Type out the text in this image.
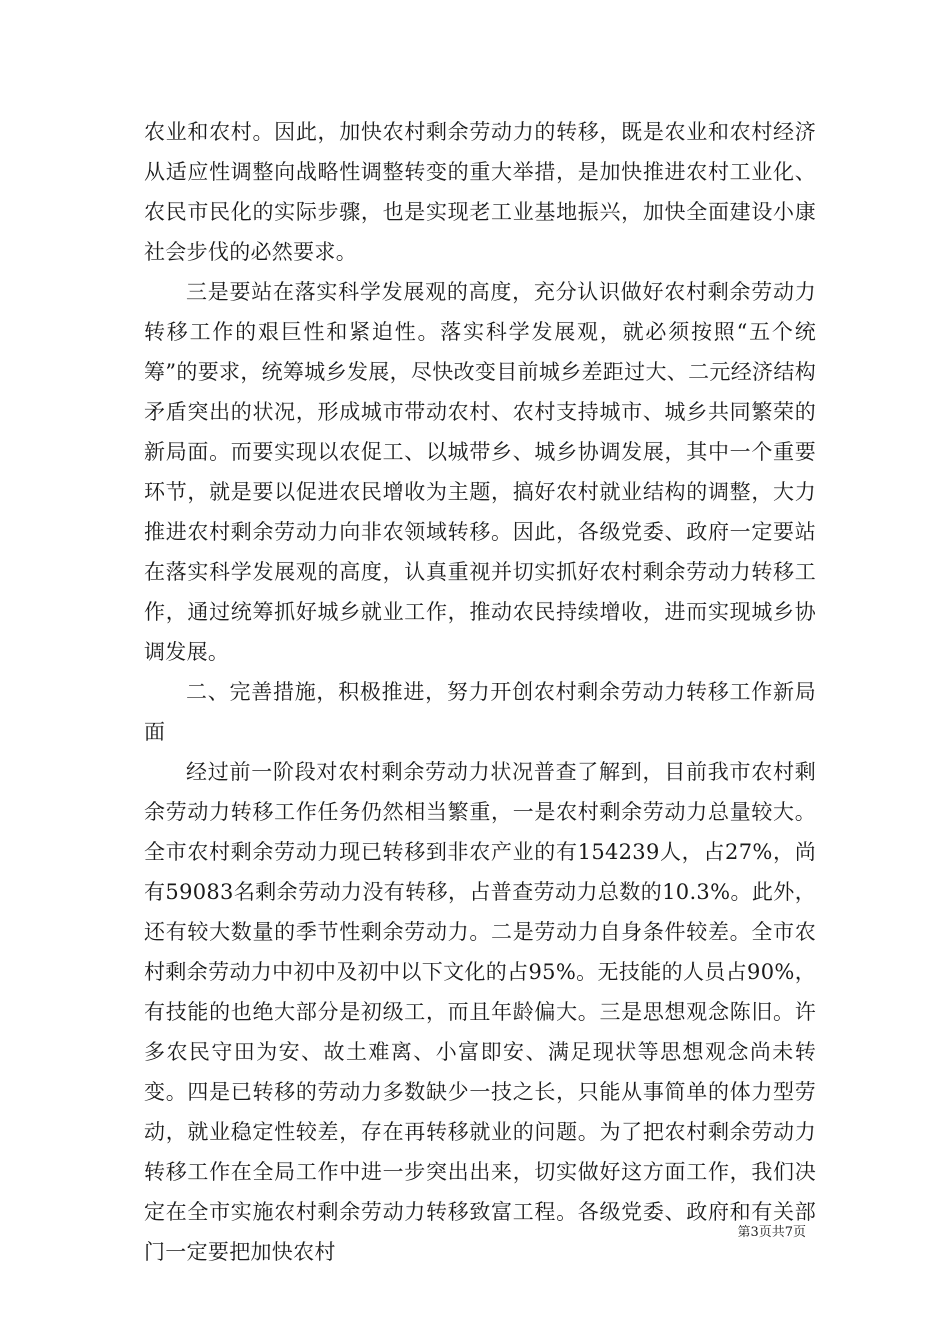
农业和农村。因此，加快农村剩余劳动力的转移，既是农业和农村经济从适应性调整向战略性调整转变的重大举措，是加快推进农村工业化、农民市民化的实际步骤，也是实现老工业基地振兴，加快全面建设小康社会步伐的必然要求。

三是要站在落实科学发展观的高度，充分认识做好农村剩余劳动力转移工作的艰巨性和紧迫性。落实科学发展观，就必须按照“五个统筹”的要求，统筹城乡发展，尽快改变目前城乡差距过大、二元经济结构矛盾突出的状况，形成城市带动农村、农村支持城市、城乡共同繁荣的新局面。而要实现以农促工、以城带乡、城乡协调发展，其中一个重要环节，就是要以促进农民增收为主题，搞好农村就业结构的调整，大力推进农村剩余劳动力向非农领域转移。因此，各级党委、政府一定要站在落实科学发展观的高度，认真重视并切实抓好农村剩余劳动力转移工作，通过统筹抓好城乡就业工作，推动农民持续增收，进而实现城乡协调发展。

二、完善措施，积极推进，努力开创农村剩余劳动力转移工作新局面

经过前一阶段对农村剩余劳动力状况普查了解到，目前我市农村剩余劳动力转移工作任务仍然相当繁重，一是农村剩余劳动力总量较大。全市农村剩余劳动力现已转移到非农产业的有154239人，占27%，尚有59083名剩余劳动力没有转移，占普查劳动力总数的10.3%。此外，还有较大数量的季节性剩余劳动力。二是劳动力自身条件较差。全市农村剩余劳动力中初中及初中以下文化的占95%。无技能的人员占90%，有技能的也绝大部分是初级工，而且年龄偏大。三是思想观念陈旧。许多农民守田为安、故土难离、小富即安、满足现状等思想观念尚未转变。四是已转移的劳动力多数缺少一技之长，只能从事简单的体力型劳动，就业稳定性较差，存在再转移就业的问题。为了把农村剩余劳动力转移工作在全局工作中进一步突出出来，切实做好这方面工作，我们决定在全市实施农村剩余劳动力转移致富工程。各级党委、政府和有关部门一定要把加快农村

第3页共7页
